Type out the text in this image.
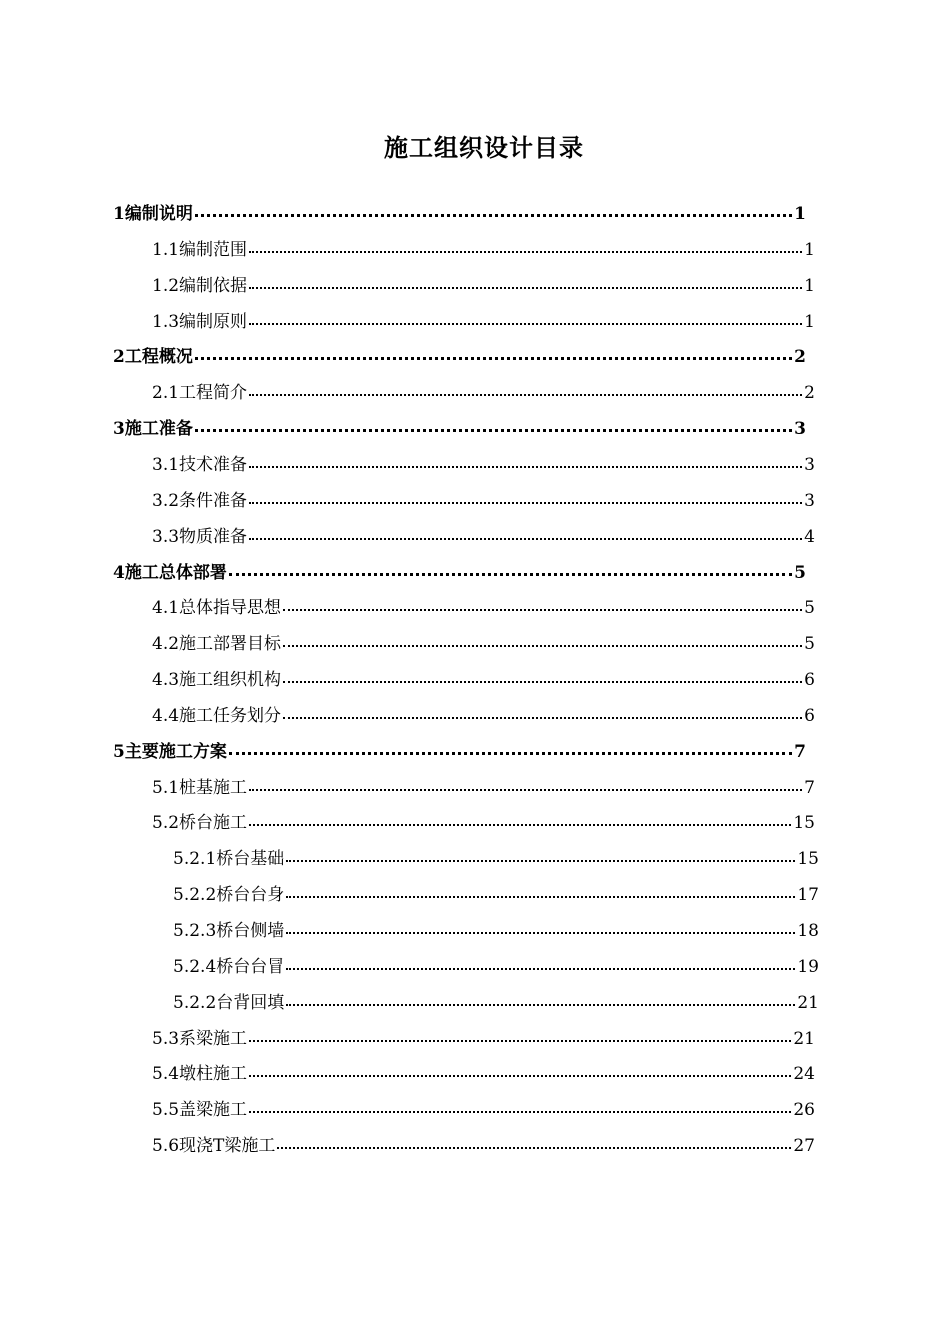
施工组织设计目录
1编制说明	1
1.1编制范围	1
1.2编制依据	1
1.3编制原则	1
2工程概况	2
2.1工程简介	2
3施工准备	3
3.1技术准备	3
3.2条件准备	3
3.3物质准备	4
4施工总体部署	5
4.1总体指导思想	5
4.2施工部署目标	5
4.3施工组织机构	6
4.4施工任务划分	6
5主要施工方案	7
5.1桩基施工	7
5.2桥台施工	15
5.2.1桥台基础	15
5.2.2桥台台身	17
5.2.3桥台侧墙	18
5.2.4桥台台冒	19
5.2.2台背回填	21
5.3系梁施工	21
5.4墩柱施工	24
5.5盖梁施工	26
5.6现浇T梁施工	27
